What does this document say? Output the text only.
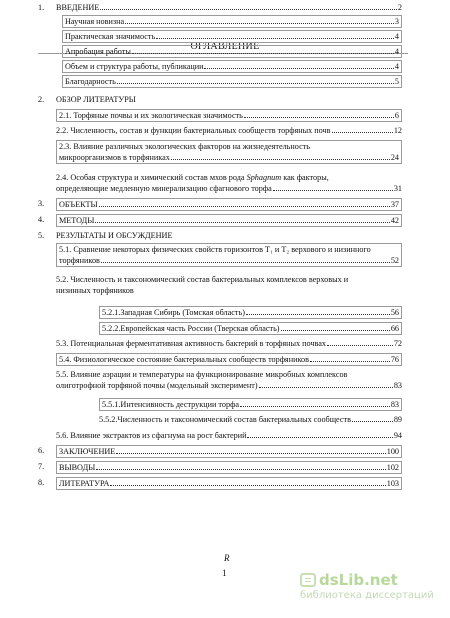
ОГЛАВЛЕНИЕ
1. ВВЕДЕНИЕ	2
Научная новизна	3
Практическая значимость	4
Апробация работы	4
Объем и структура работы, публикации	4
Благодарность	5
2. ОБЗОР ЛИТЕРАТУРЫ
2.1. Торфяные почвы и их экологическая значимость	6
2.2. Численность, состав и функции бактериальных сообществ торфяных почв	12
2.3. Влияние различных экологических факторов на жизнедеятельность
микроорганизмов в торфяниках	24
2.4. Особая структура и химический состав мхов рода Sphagnum как факторы,
определяющие медленную минерализацию сфагнового торфа	31
3. ОБЪЕКТЫ	37
4. МЕТОДЫ	42
5. РЕЗУЛЬТАТЫ И ОБСУЖДЕНИЕ
5.1. Сравнение некоторых физических свойств горизонтов T₁ и T₂ верхового и низинного
торфяников	52
5.2. Численность и таксономический состав бактериальных комплексов верховых и
низинных торфяников
5.2.1.Западная Сибирь (Томская область)	56
5.2.2.Европейская часть России (Тверская область)	66
5.3. Потенциальная ферментативная активность бактерий в торфяных почвах	72
5.4. Физиологическое состояние бактериальных сообществ торфяников	76
5.5. Влияние аэрации и температуры на функционирование микробных комплексов
олиготрофной торфяной почвы (модельный эксперимент)	83
5.5.1.Интенсивность деструкции торфа	83
5.5.2.Численность и таксономический состав бактериальных сообществ	89
5.6. Влияние экстрактов из сфагнума на рост бактерий	94
6. ЗАКЛЮЧЕНИЕ	100
7. ВЫВОДЫ	102
8. ЛИТЕРАТУРА	103
R
1	dsLib.net
библиотека диссертаций
